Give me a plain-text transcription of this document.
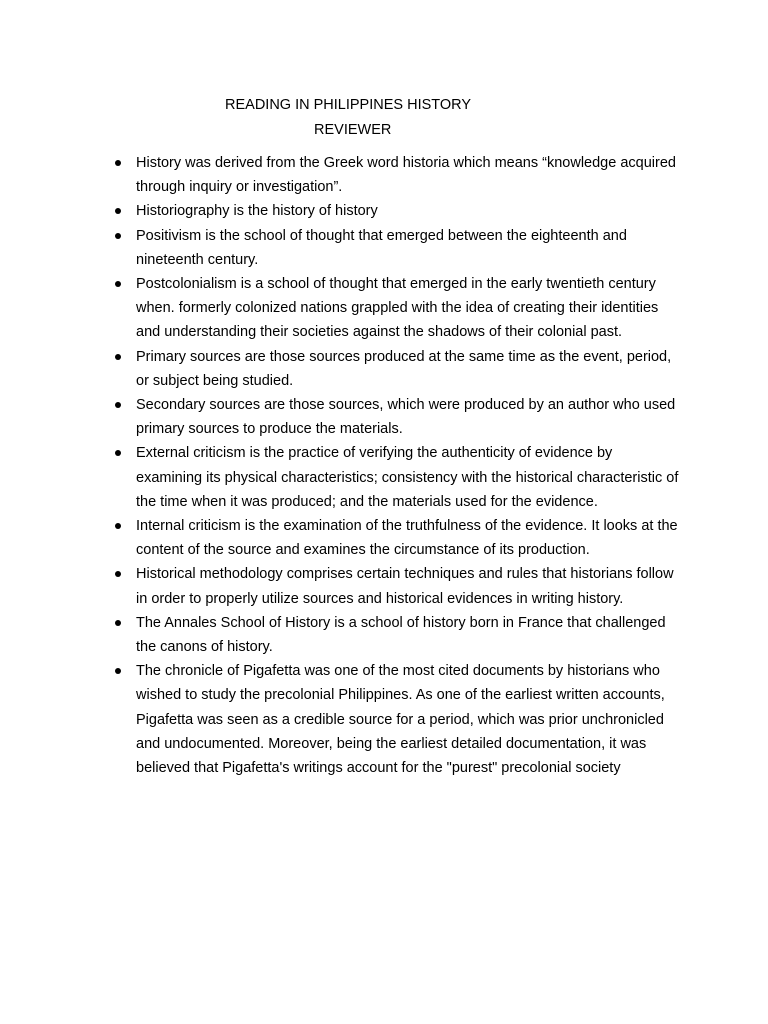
READING IN PHILIPPINES HISTORY
REVIEWER
History was derived from the Greek word historia which means “knowledge acquired through inquiry or investigation”.
Historiography is the history of history
Positivism is the school of thought that emerged between the eighteenth and nineteenth century.
Postcolonialism is a school of thought that emerged in the early twentieth century when. formerly colonized nations grappled with the idea of creating their identities and understanding their societies against the shadows of their colonial past.
Primary sources are those sources produced at the same time as the event, period, or subject being studied.
Secondary sources are those sources, which were produced by an author who used primary sources to produce the materials.
External criticism is the practice of verifying the authenticity of evidence by examining its physical characteristics; consistency with the historical characteristic of the time when it was produced; and the materials used for the evidence.
Internal criticism is the examination of the truthfulness of the evidence. It looks at the content of the source and examines the circumstance of its production.
Historical methodology comprises certain techniques and rules that historians follow in order to properly utilize sources and historical evidences in writing history.
The Annales School of History is a school of history born in France that challenged the canons of history.
The chronicle of Pigafetta was one of the most cited documents by historians who wished to study the precolonial Philippines. As one of the earliest written accounts, Pigafetta was seen as a credible source for a period, which was prior unchronicled and undocumented. Moreover, being the earliest detailed documentation, it was believed that Pigafetta's writings account for the "purest" precolonial society
